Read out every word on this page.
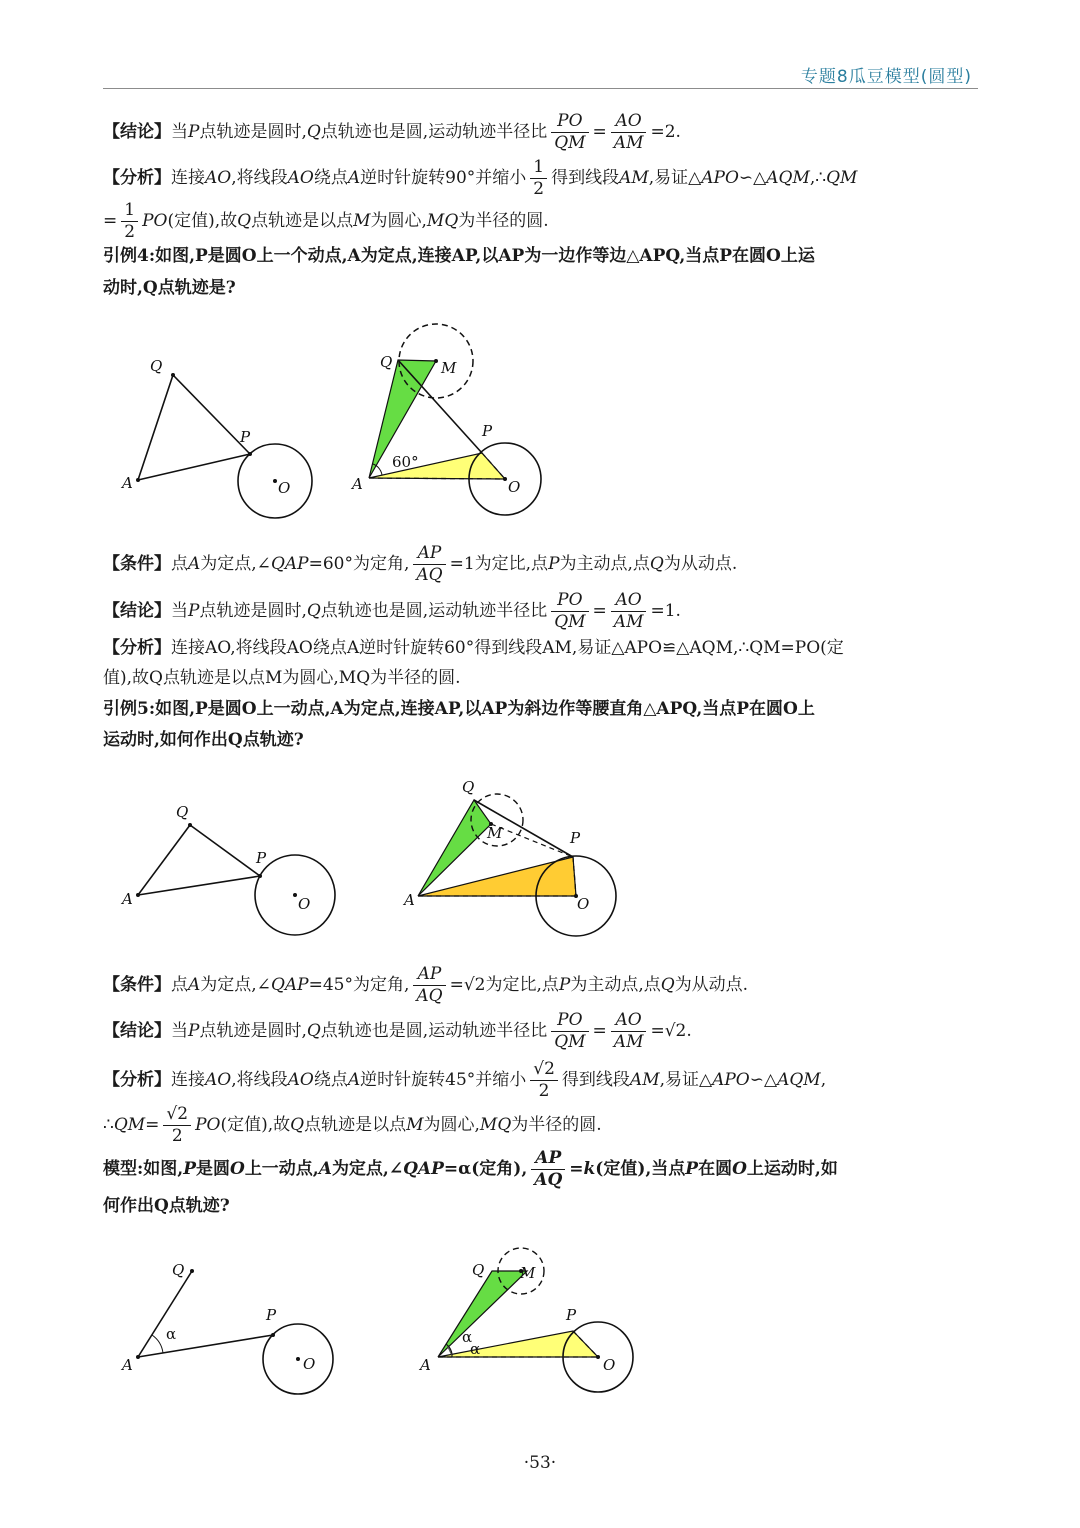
专题8瓜豆模型(圆型)
【结论】当P点轨迹是圆时,Q点轨迹也是圆,运动轨迹半径比 $\frac{PO}{QM} = \frac{AO}{AM} =2$.
【分析】连接AO,将线段AO绕点A逆时针旋转90°并缩小 $\frac{1}{2}$ 得到线段AM,易证△APO∽△AQM,∴QM
= $\frac{1}{2} PO$(定值),故Q点轨迹是以点M为圆心,MQ为半径的圆.
引例4:如图,P是圆O上一个动点,A为定点,连接AP,以AP为一边作等边△APQ,当点P在圆O上运
动时,Q点轨迹是?
Q
A
P
O
Q	M
A
P
O
60°
【条件】点A为定点,∠QAP=60°为定角, $\frac{AP}{AQ} =1$为定比,点P为主动点,点Q为从动点.
【结论】当P点轨迹是圆时,Q点轨迹也是圆,运动轨迹半径比 $\frac{PO}{QM} = \frac{AO}{AM} =1$.
【分析】连接AO,将线段AO绕点A逆时针旋转60°得到线段AM,易证△APO≌△AQM,∴QM=PO(定
值),故Q点轨迹是以点M为圆心,MQ为半径的圆.
引例5:如图,P是圆O上一动点,A为定点,连接AP,以AP为斜边作等腰直角△APQ,当点P在圆O上
运动时,如何作出Q点轨迹?
Q
A
P
O
Q
M
A
P
O
【条件】点A为定点,∠QAP=45°为定角, $\frac{AP}{AQ} =√2$为定比,点P为主动点,点Q为从动点.
【结论】当P点轨迹是圆时,Q点轨迹也是圆,运动轨迹半径比 $\frac{PO}{QM} = \frac{AO}{AM} =√2$.
【分析】连接AO,将线段AO绕点A逆时针旋转45°并缩小 $\frac{√2}{2}$ 得到线段AM,易证△APO∽△AQM,
∴QM= $\frac{√2}{2} PO$(定值),故Q点轨迹是以点M为圆心,MQ为半径的圆.
模型:如图,P是圆O上一动点,A为定点,∠QAP=α(定角), $\frac{AP}{AQ} =k$(定值),当点P在圆O上运动时,如
何作出Q点轨迹?
Q
A
P
O
α
Q M
A
P
O
α
α
·53·
